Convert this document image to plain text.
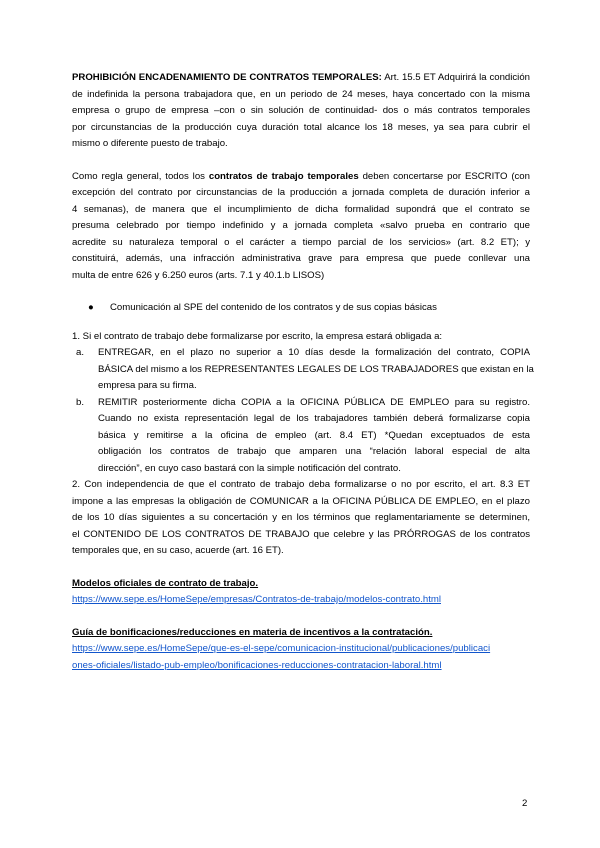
PROHIBICIÓN ENCADENAMIENTO DE CONTRATOS TEMPORALES: Art. 15.5 ET Adquirirá la condición
de indefinida la persona trabajadora que, en un periodo de 24 meses, haya concertado con la misma
empresa o grupo de empresa –con o sin solución de continuidad- dos o más contratos temporales
por circunstancias de la producción cuya duración total alcance los 18 meses, ya sea para cubrir el
mismo o diferente puesto de trabajo.
Como regla general, todos los contratos de trabajo temporales deben concertarse por ESCRITO (con
excepción del contrato por circunstancias de la producción a jornada completa de duración inferior a
4 semanas), de manera que el incumplimiento de dicha formalidad supondrá que el contrato se
presuma celebrado por tiempo indefinido y a jornada completa «salvo prueba en contrario que
acredite su naturaleza temporal o el carácter a tiempo parcial de los servicios» (art. 8.2 ET); y
constituirá, además, una infracción administrativa grave para empresa que puede conllevar una
multa de entre 626 y 6.250 euros (arts. 7.1 y 40.1.b LISOS)
● Comunicación al SPE del contenido de los contratos y de sus copias básicas
1. Si el contrato de trabajo debe formalizarse por escrito, la empresa estará obligada a:
a. ENTREGAR, en el plazo no superior a 10 días desde la formalización del contrato, COPIA
BÁSICA del mismo a los REPRESENTANTES LEGALES DE LOS TRABAJADORES que existan en la
empresa para su firma.
b. REMITIR posteriormente dicha COPIA a la OFICINA PÚBLICA DE EMPLEO para su registro.
Cuando no exista representación legal de los trabajadores también deberá formalizarse copia
básica y remitirse a la oficina de empleo (art. 8.4 ET) *Quedan exceptuados de esta
obligación los contratos de trabajo que amparen una “relación laboral especial de alta
dirección”, en cuyo caso bastará con la simple notificación del contrato.
2. Con independencia de que el contrato de trabajo deba formalizarse o no por escrito, el art. 8.3 ET
impone a las empresas la obligación de COMUNICAR a la OFICINA PÚBLICA DE EMPLEO, en el plazo
de los 10 días siguientes a su concertación y en los términos que reglamentariamente se determinen,
el CONTENIDO DE LOS CONTRATOS DE TRABAJO que celebre y las PRÓRROGAS de los contratos
temporales que, en su caso, acuerde (art. 16 ET).
Modelos oficiales de contrato de trabajo.
https://www.sepe.es/HomeSepe/empresas/Contratos-de-trabajo/modelos-contrato.html
Guía de bonificaciones/reducciones en materia de incentivos a la contratación.
https://www.sepe.es/HomeSepe/que-es-el-sepe/comunicacion-institucional/publicaciones/publicaci
ones-oficiales/listado-pub-empleo/bonificaciones-reducciones-contratacion-laboral.html
2
